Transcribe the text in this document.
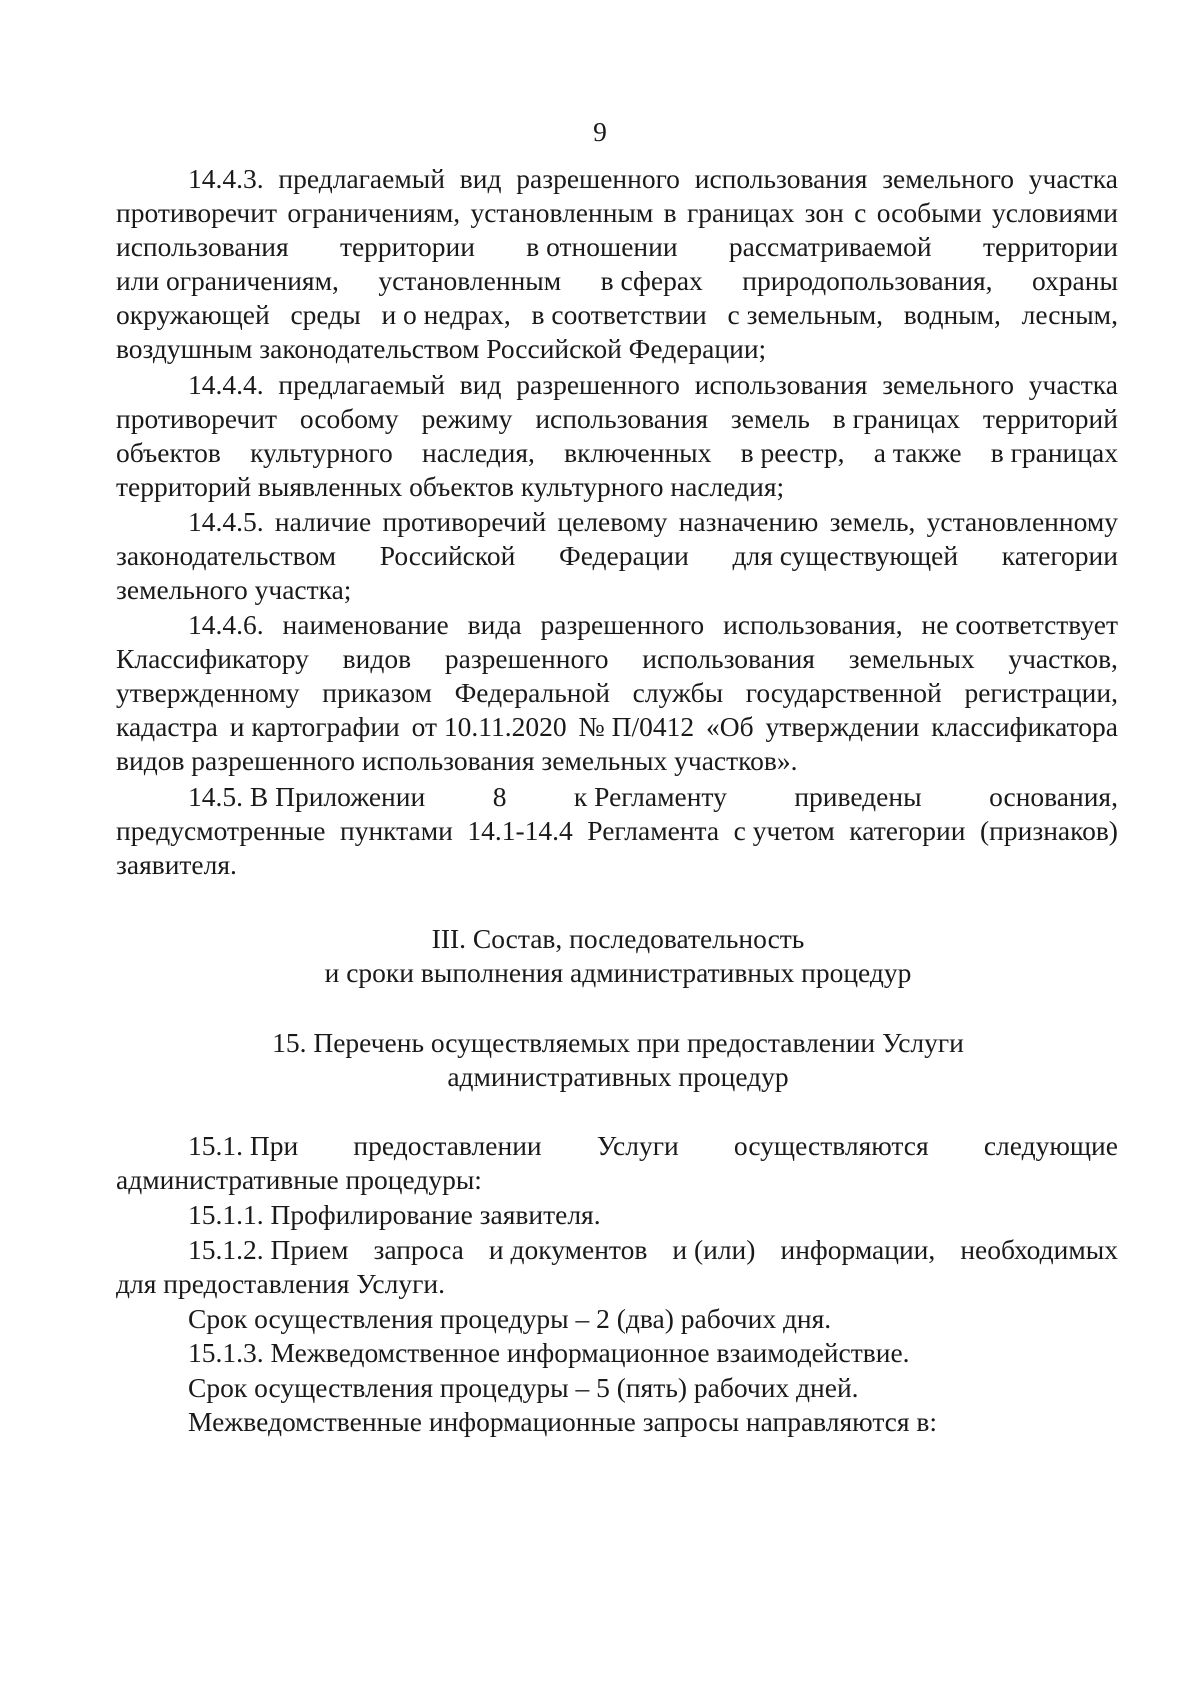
9
14.4.3. предлагаемый вид разрешенного использования земельного участка
противоречит ограничениям, установленным в границах зон с особыми условиями
использования территории в отношении рассматриваемой территории
или ограничениям, установленным в сферах природопользования, охраны
окружающей среды и о недрах, в соответствии с земельным, водным, лесным,
воздушным законодательством Российской Федерации;
14.4.4. предлагаемый вид разрешенного использования земельного участка
противоречит особому режиму использования земель в границах территорий
объектов культурного наследия, включенных в реестр, а также в границах
территорий выявленных объектов культурного наследия;
14.4.5. наличие противоречий целевому назначению земель, установленному
законодательством Российской Федерации для существующей категории
земельного участка;
14.4.6. наименование вида разрешенного использования, не соответствует
Классификатору видов разрешенного использования земельных участков,
утвержденному приказом Федеральной службы государственной регистрации,
кадастра и картографии от 10.11.2020 № П/0412 «Об утверждении классификатора
видов разрешенного использования земельных участков».
14.5. В Приложении 8 к Регламенту приведены основания,
предусмотренные пунктами 14.1-14.4 Регламента с учетом категории (признаков)
заявителя.
III. Состав, последовательность
и сроки выполнения административных процедур
15. Перечень осуществляемых при предоставлении Услуги
административных процедур
15.1. При предоставлении Услуги осуществляются следующие
административные процедуры:
15.1.1. Профилирование заявителя.
15.1.2. Прием запроса и документов и (или) информации, необходимых
для предоставления Услуги.
Срок осуществления процедуры – 2 (два) рабочих дня.
15.1.3. Межведомственное информационное взаимодействие.
Срок осуществления процедуры – 5 (пять) рабочих дней.
Межведомственные информационные запросы направляются в:
